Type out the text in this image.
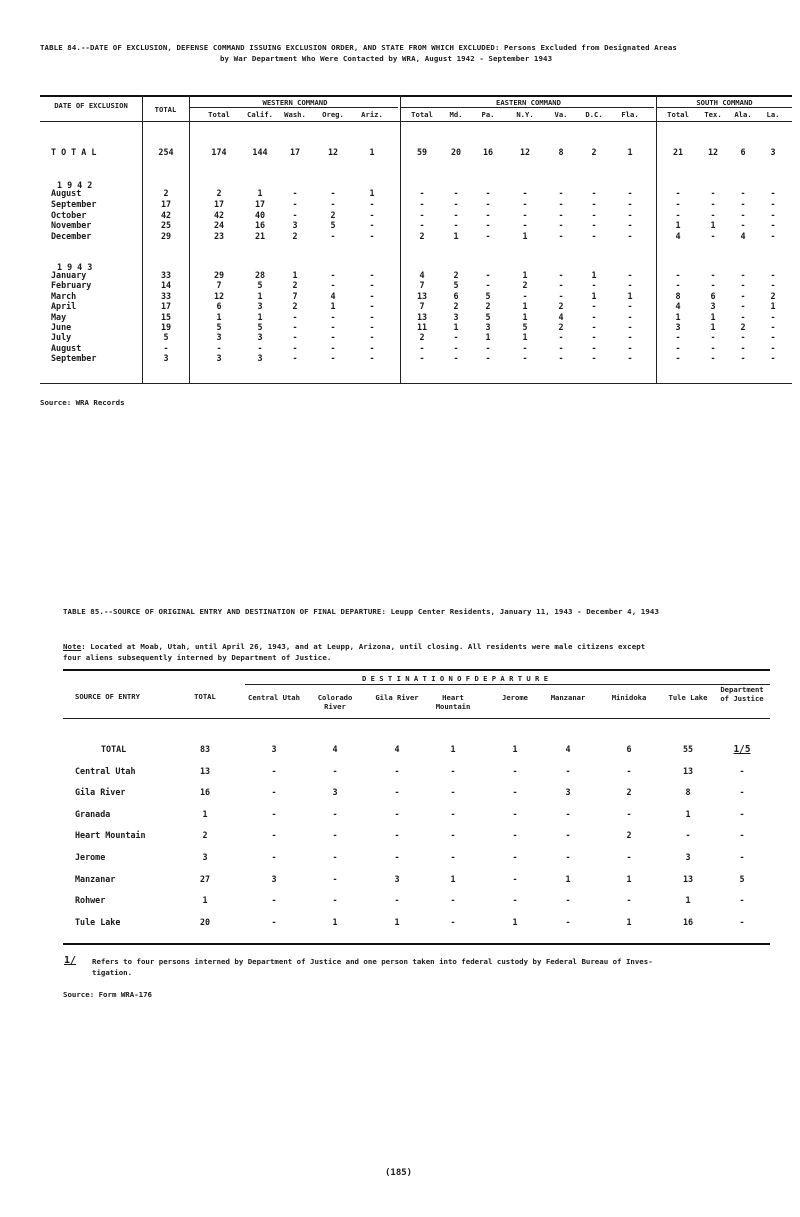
TABLE 84.--DATE OF EXCLUSION, DEFENSE COMMAND ISSUING EXCLUSION ORDER, AND STATE FROM WHICH EXCLUDED: Persons Excluded from Designated Areas
by War Department Who Were Contacted by WRA, August 1942 - September 1943
DATE OF EXCLUSION	TOTAL
WESTERN COMMAND	EASTERN COMMAND	SOUTH COMMAND
Total	Calif.	Wash.	Oreg.	Ariz.	Total	Md.	Pa.	N.Y.	Va.	D.C.	Fla.	Total	Tex.	Ala.	La.
T O T A L	254	174	144	17	12	1	59	20	16	12	8	2	1	21	12	6	3
1 9 4 2
August	2	2	1	-	-	1	-	-	-	-	-	-	-	-	-	-	-
September	17	17	17	-	-	-	-	-	-	-	-	-	-	-	-	-	-
October	42	42	40	-	2	-	-	-	-	-	-	-	-	-	-	-	-
November	25	24	16	3	5	-	-	-	-	-	-	-	-	1	1	-	-
December	29	23	21	2	-	-	2	1	-	1	-	-	-	4	-	4	-
1 9 4 3
January	33	29	28	1	-	-	4	2	-	1	-	1	-	-	-	-	-
February	14	7	5	2	-	-	7	5	-	2	-	-	-	-	-	-	-
March	33	12	1	7	4	-	13	6	5	-	-	1	1	8	6	-	2
April	17	6	3	2	1	-	7	2	2	1	2	-	-	4	3	-	1
May	15	1	1	-	-	-	13	3	5	1	4	-	-	1	1	-	-
June	19	5	5	-	-	-	11	1	3	5	2	-	-	3	1	2	-
July	5	3	3	-	-	-	2	-	1	1	-	-	-	-	-	-	-
August	-	-	-	-	-	-	-	-	-	-	-	-	-	-	-	-	-
September	3	3	3	-	-	-	-	-	-	-	-	-	-	-	-	-	-
Source: WRA Records
TABLE 85.--SOURCE OF ORIGINAL ENTRY AND DESTINATION OF FINAL DEPARTURE: Leupp Center Residents, January 11, 1943 - December 4, 1943
Note: Located at Moab, Utah, until April 26, 1943, and at Leupp, Arizona, until closing. All residents were male citizens except
four aliens subsequently interned by Department of Justice.
D E S T I N A T I O N O F D E P A R T U R E
SOURCE OF ENTRY	TOTAL	Central Utah	Colorado River
Gila River	Heart Mountain
Jerome	Manzanar	Minidoka	Tule Lake
Department of Justice
TOTAL	83	3	4	4	1	1	4	6	55	1/5
Central Utah	13	-	-	-	-	-	-	-	13	-
Gila River	16	-	3	-	-	-	3	2	8	-
Granada	1	-	-	-	-	-	-	-	1	-
Heart Mountain	2	-	-	-	-	-	-	2	-	-
Jerome	3	-	-	-	-	-	-	-	3	-
Manzanar	27	3	-	3	1	-	1	1	13	5
Rohwer	1	-	-	-	-	-	-	-	1	-
Tule Lake	20	-	1	1	-	1	-	1	16	-
1/ Refers to four persons interned by Department of Justice and one person taken into federal custody by Federal Bureau of Inves-
tigation.
Source: Form WRA-176
(185)
